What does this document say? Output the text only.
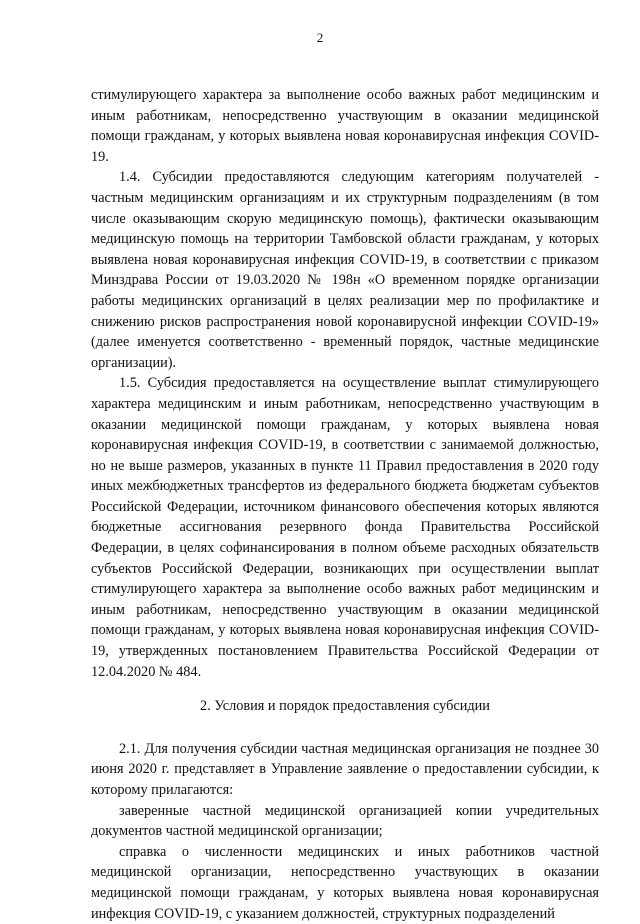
2

стимулирующего характера за выполнение особо важных работ медицинским и иным работникам, непосредственно участвующим в оказании медицинской помощи гражданам, у которых выявлена новая коронавирусная инфекция COVID-19.

1.4. Субсидии предоставляются следующим категориям получателей - частным медицинским организациям и их структурным подразделениям (в том числе оказывающим скорую медицинскую помощь), фактически оказывающим медицинскую помощь на территории Тамбовской области гражданам, у которых выявлена новая коронавирусная инфекция COVID-19, в соответствии с приказом Минздрава России от 19.03.2020 № 198н «О временном порядке организации работы медицинских организаций в целях реализации мер по профилактике и снижению рисков распространения новой коронавирусной инфекции COVID-19» (далее именуется соответственно - временный порядок, частные медицинские организации).

1.5. Субсидия предоставляется на осуществление выплат стимулирующего характера медицинским и иным работникам, непосредственно участвующим в оказании медицинской помощи гражданам, у которых выявлена новая коронавирусная инфекция COVID-19, в соответствии с занимаемой должностью, но не выше размеров, указанных в пункте 11 Правил предоставления в 2020 году иных межбюджетных трансфертов из федерального бюджета бюджетам субъектов Российской Федерации, источником финансового обеспечения которых являются бюджетные ассигнования резервного фонда Правительства Российской Федерации, в целях софинансирования в полном объеме расходных обязательств субъектов Российской Федерации, возникающих при осуществлении выплат стимулирующего характера за выполнение особо важных работ медицинским и иным работникам, непосредственно участвующим в оказании медицинской помощи гражданам, у которых выявлена новая коронавирусная инфекция COVID-19, утвержденных постановлением Правительства Российской Федерации от 12.04.2020 № 484.

2. Условия и порядок предоставления субсидии

2.1. Для получения субсидии частная медицинская организация не позднее 30 июня 2020 г. представляет в Управление заявление о предоставлении субсидии, к которому прилагаются:

заверенные частной медицинской организацией копии учредительных документов частной медицинской организации;

справка о численности медицинских и иных работников частной медицинской организации, непосредственно участвующих в оказании медицинской помощи гражданам, у которых выявлена новая коронавирусная инфекция COVID-19, с указанием должностей, структурных подразделений
